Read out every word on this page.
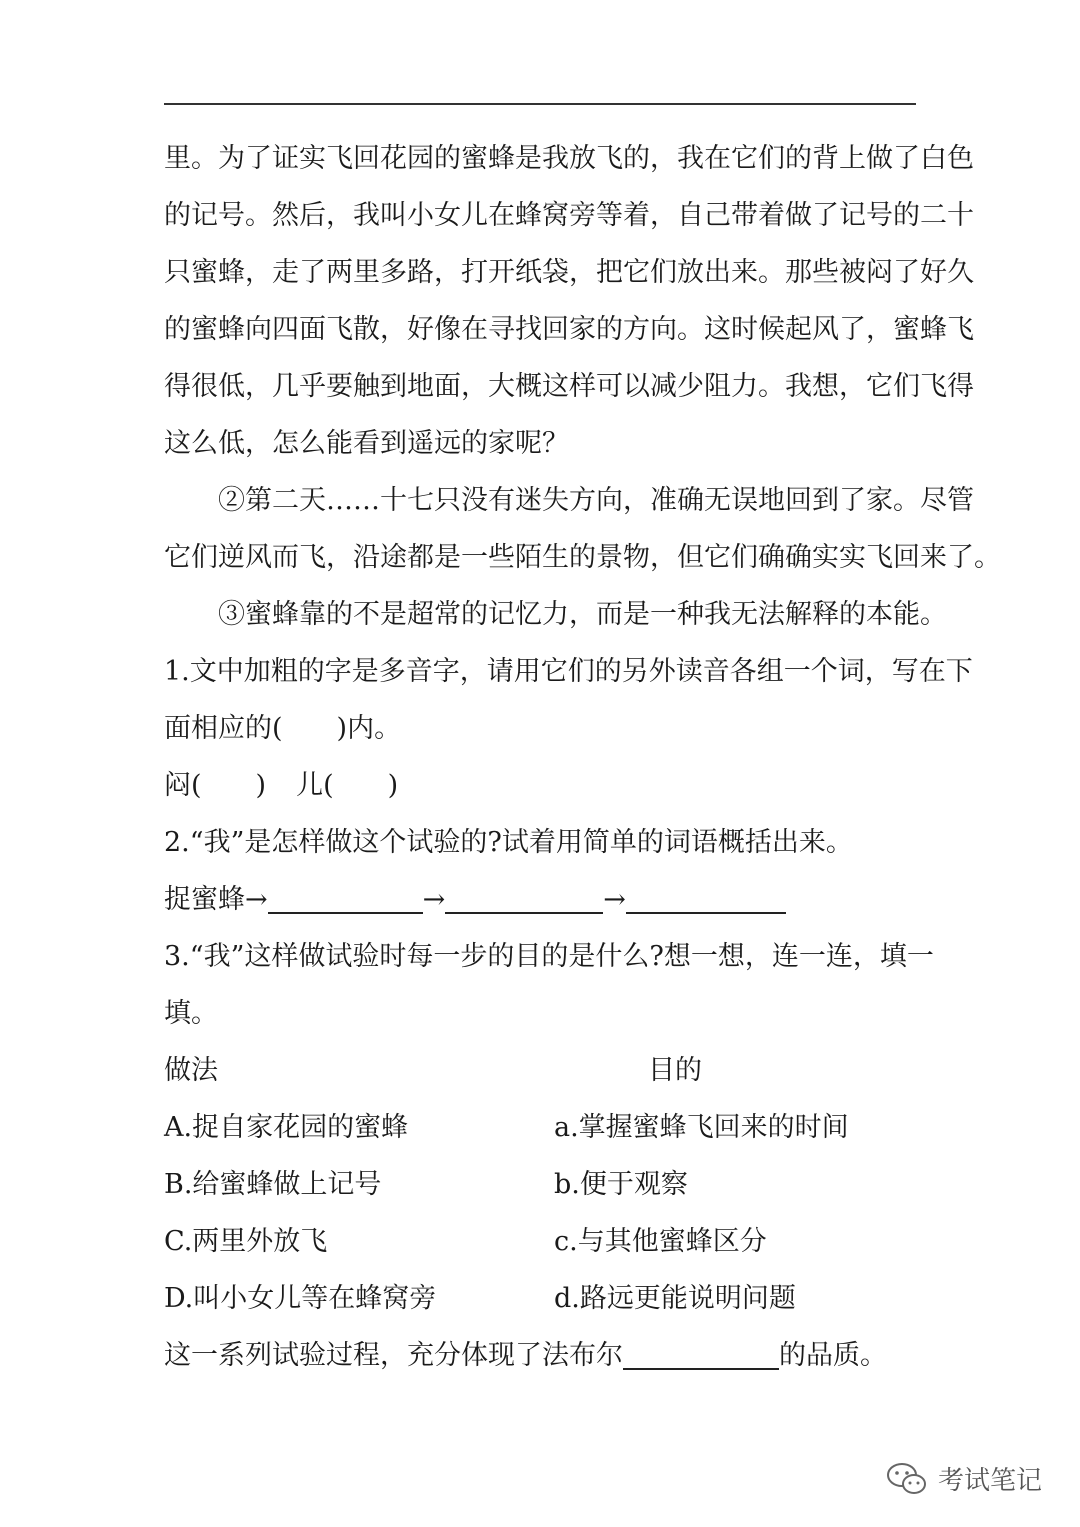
里。为了证实飞回花园的蜜蜂是我放飞的，我在它们的背上做了白色
的记号。然后，我叫小女儿在蜂窝旁等着，自己带着做了记号的二十
只蜜蜂，走了两里多路，打开纸袋，把它们放出来。那些被闷了好久
的蜜蜂向四面飞散，好像在寻找回家的方向。这时候起风了，蜜蜂飞
得很低，几乎要触到地面，大概这样可以减少阻力。我想，它们飞得
这么低，怎么能看到遥远的家呢？
②第二天……十七只没有迷失方向，准确无误地回到了家。尽管
它们逆风而飞，沿途都是一些陌生的景物，但它们确确实实飞回来了。
③蜜蜂靠的不是超常的记忆力，而是一种我无法解释的本能。
1.文中加粗的字是多音字，请用它们的另外读音各组一个词，写在下
面相应的(　　)内。
闷(　　) 儿(　　)
2.“我”是怎样做这个试验的?试着用简单的词语概括出来。
捉蜜蜂→	→	→
3.“我”这样做试验时每一步的目的是什么?想一想，连一连，填一
填。
做法	目的
A.捉自家花园的蜜蜂	a.掌握蜜蜂飞回来的时间
B.给蜜蜂做上记号	b.便于观察
C.两里外放飞	c.与其他蜜蜂区分
D.叫小女儿等在蜂窝旁	d.路远更能说明问题
这一系列试验过程，充分体现了法布尔	的品质。
考试笔记
